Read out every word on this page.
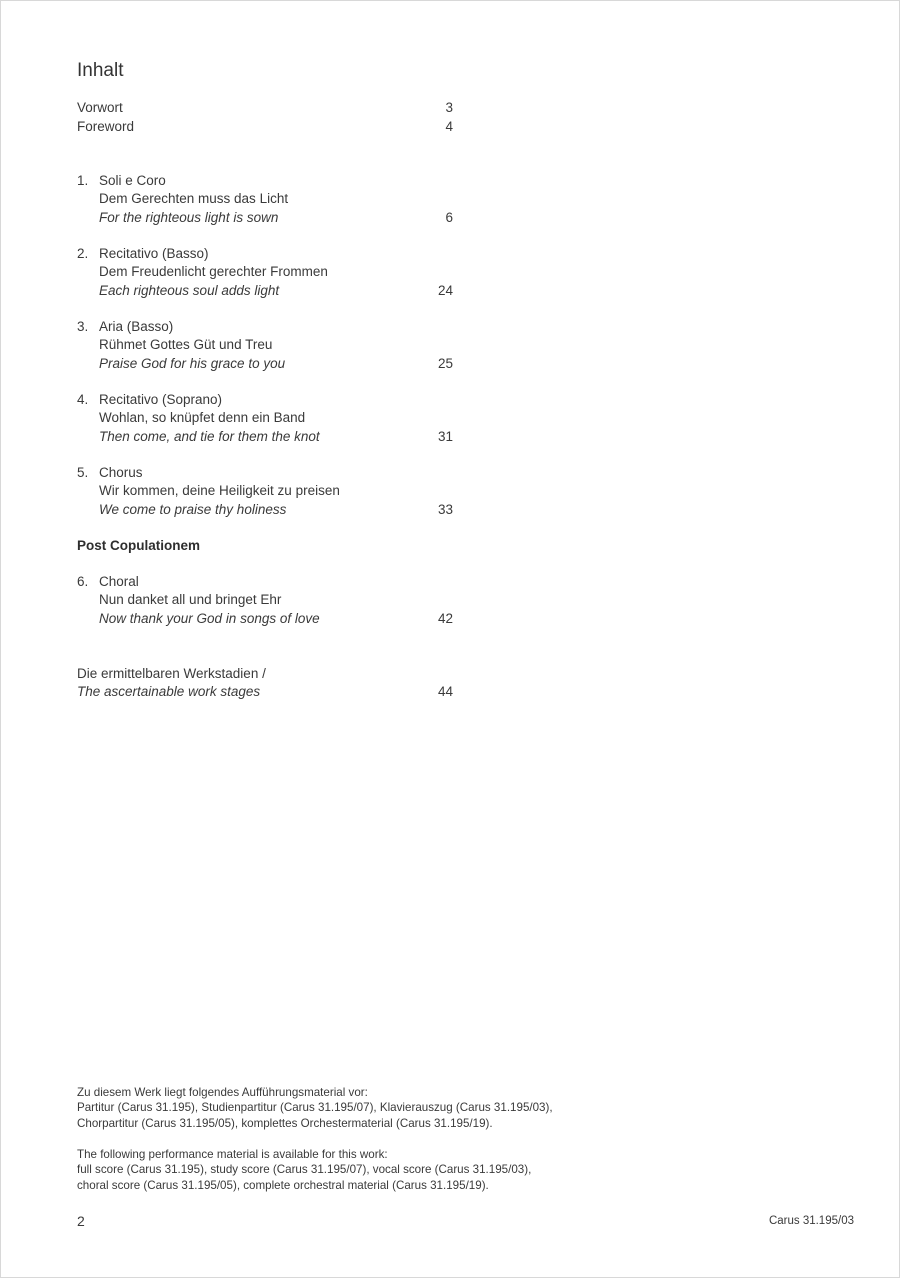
Inhalt
Vorwort	3
Foreword	4
1. Soli e Coro
Dem Gerechten muss das Licht
For the righteous light is sown	6
2. Recitativo (Basso)
Dem Freudenlicht gerechter Frommen
Each righteous soul adds light	24
3. Aria (Basso)
Rühmet Gottes Güt und Treu
Praise God for his grace to you	25
4. Recitativo (Soprano)
Wohlan, so knüpfet denn ein Band
Then come, and tie for them the knot	31
5. Chorus
Wir kommen, deine Heiligkeit zu preisen
We come to praise thy holiness	33
Post Copulationem
6. Choral
Nun danket all und bringet Ehr
Now thank your God in songs of love	42
Die ermittelbaren Werkstadien /
The ascertainable work stages	44
Zu diesem Werk liegt folgendes Aufführungsmaterial vor:
Partitur (Carus 31.195), Studienpartitur (Carus 31.195/07), Klavierauszug (Carus 31.195/03),
Chorpartitur (Carus 31.195/05), komplettes Orchestermaterial (Carus 31.195/19).
The following performance material is available for this work:
full score (Carus 31.195), study score (Carus 31.195/07), vocal score (Carus 31.195/03),
choral score (Carus 31.195/05), complete orchestral material (Carus 31.195/19).
2	Carus 31.195/03
